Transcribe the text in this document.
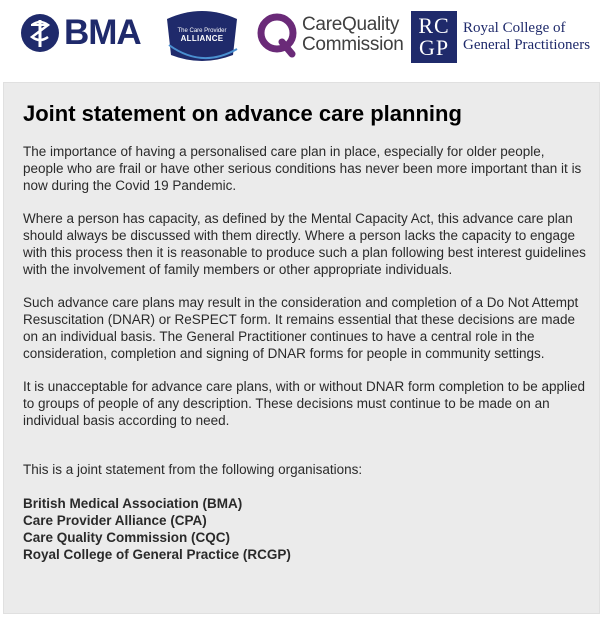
BMA	The Care Provider
ALLIANCE
CareQuality
Commission
RC
GP
Royal College of
General Practitioners
Joint statement on advance care planning

The importance of having a personalised care plan in place, especially for older people, people who are frail or have other serious conditions has never been more important than it is now during the Covid 19 Pandemic.

Where a person has capacity, as defined by the Mental Capacity Act, this advance care plan should always be discussed with them directly. Where a person lacks the capacity to engage with this process then it is reasonable to produce such a plan following best interest guidelines with the involvement of family members or other appropriate individuals.

Such advance care plans may result in the consideration and completion of a Do Not Attempt Resuscitation (DNAR) or ReSPECT form. It remains essential that these decisions are made on an individual basis. The General Practitioner continues to have a central role in the consideration, completion and signing of DNAR forms for people in community settings.

It is unacceptable for advance care plans, with or without DNAR form completion to be applied to groups of people of any description. These decisions must continue to be made on an individual basis according to need.

This is a joint statement from the following organisations:

British Medical Association (BMA)
Care Provider Alliance (CPA)
Care Quality Commission (CQC)
Royal College of General Practice (RCGP)
